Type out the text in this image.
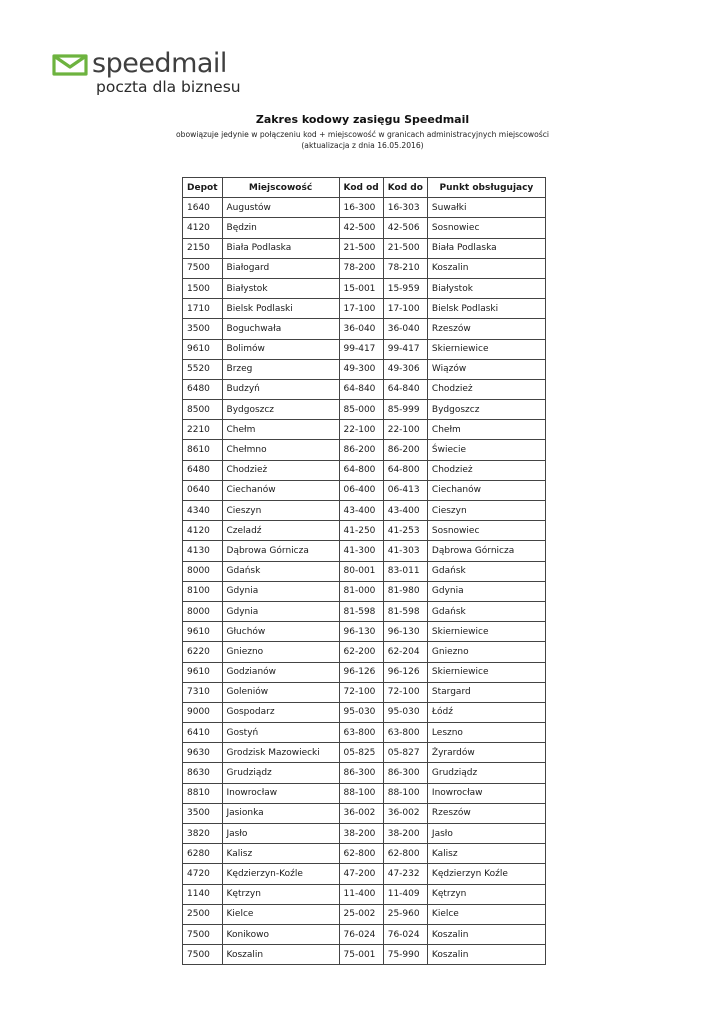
speedmail
poczta dla biznesu
Zakres kodowy zasięgu Speedmail
obowiązuje jedynie w połączeniu kod + miejscowość w granicach administracyjnych miejscowości
(aktualizacja z dnia 16.05.2016)
Depot	Miejscowość	Kod od	Kod do	Punkt obsługujacy
1640	Augustów	16-300	16-303	Suwałki
4120	Będzin	42-500	42-506	Sosnowiec
2150	Biała Podlaska	21-500	21-500	Biała Podlaska
7500	Białogard	78-200	78-210	Koszalin
1500	Białystok	15-001	15-959	Białystok
1710	Bielsk Podlaski	17-100	17-100	Bielsk Podlaski
3500	Boguchwała	36-040	36-040	Rzeszów
9610	Bolimów	99-417	99-417	Skierniewice
5520	Brzeg	49-300	49-306	Wiązów
6480	Budzyń	64-840	64-840	Chodzież
8500	Bydgoszcz	85-000	85-999	Bydgoszcz
2210	Chełm	22-100	22-100	Chełm
8610	Chełmno	86-200	86-200	Świecie
6480	Chodzież	64-800	64-800	Chodzież
0640	Ciechanów	06-400	06-413	Ciechanów
4340	Cieszyn	43-400	43-400	Cieszyn
4120	Czeladź	41-250	41-253	Sosnowiec
4130	Dąbrowa Górnicza	41-300	41-303	Dąbrowa Górnicza
8000	Gdańsk	80-001	83-011	Gdańsk
8100	Gdynia	81-000	81-980	Gdynia
8000	Gdynia	81-598	81-598	Gdańsk
9610	Głuchów	96-130	96-130	Skierniewice
6220	Gniezno	62-200	62-204	Gniezno
9610	Godzianów	96-126	96-126	Skierniewice
7310	Goleniów	72-100	72-100	Stargard
9000	Gospodarz	95-030	95-030	Łódź
6410	Gostyń	63-800	63-800	Leszno
9630	Grodzisk Mazowiecki	05-825	05-827	Żyrardów
8630	Grudziądz	86-300	86-300	Grudziądz
8810	Inowrocław	88-100	88-100	Inowrocław
3500	Jasionka	36-002	36-002	Rzeszów
3820	Jasło	38-200	38-200	Jasło
6280	Kalisz	62-800	62-800	Kalisz
4720	Kędzierzyn-Koźle	47-200	47-232	Kędzierzyn Koźle
1140	Kętrzyn	11-400	11-409	Kętrzyn
2500	Kielce	25-002	25-960	Kielce
7500	Konikowo	76-024	76-024	Koszalin
7500	Koszalin	75-001	75-990	Koszalin
